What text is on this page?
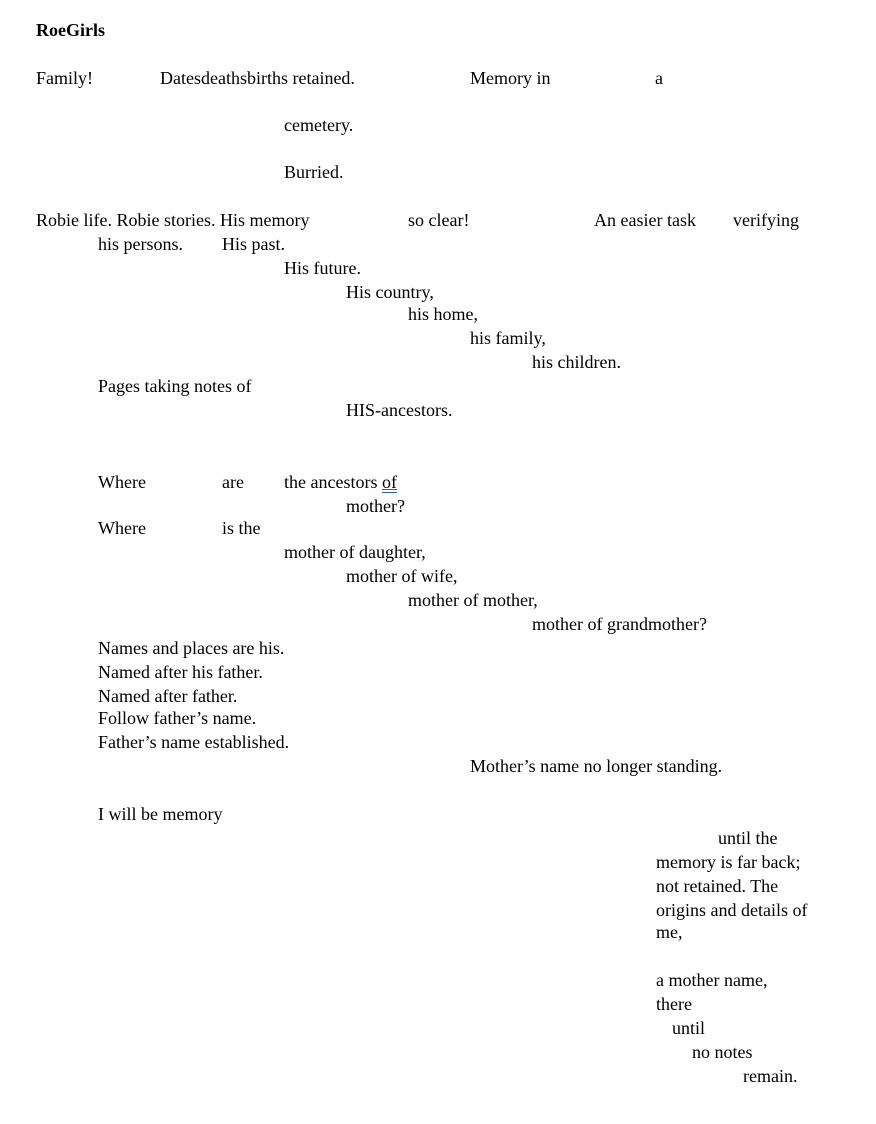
RoeGirls
Family!	Datesdeathsbirths retained.	Memory in	a
cemetery.
Burried.
Robie life. Robie stories. His memory	so clear!	An easier task verifying
his persons. His past.
His future.
His country,
his home,
his family,
his children.
Pages taking notes of
HIS-ancestors.
Where	are the ancestors of
mother?
Where	is the
mother of daughter,
mother of wife,
mother of mother,
mother of grandmother?
Names and places are his.
Named after his father.
Named after father.
Follow father’s name.
Father’s name established.
Mother’s name no longer standing.
I will be memory
until the
memory is far back;
not retained. The
origins and details of
me,
a mother name,
there
until
no notes
remain.
